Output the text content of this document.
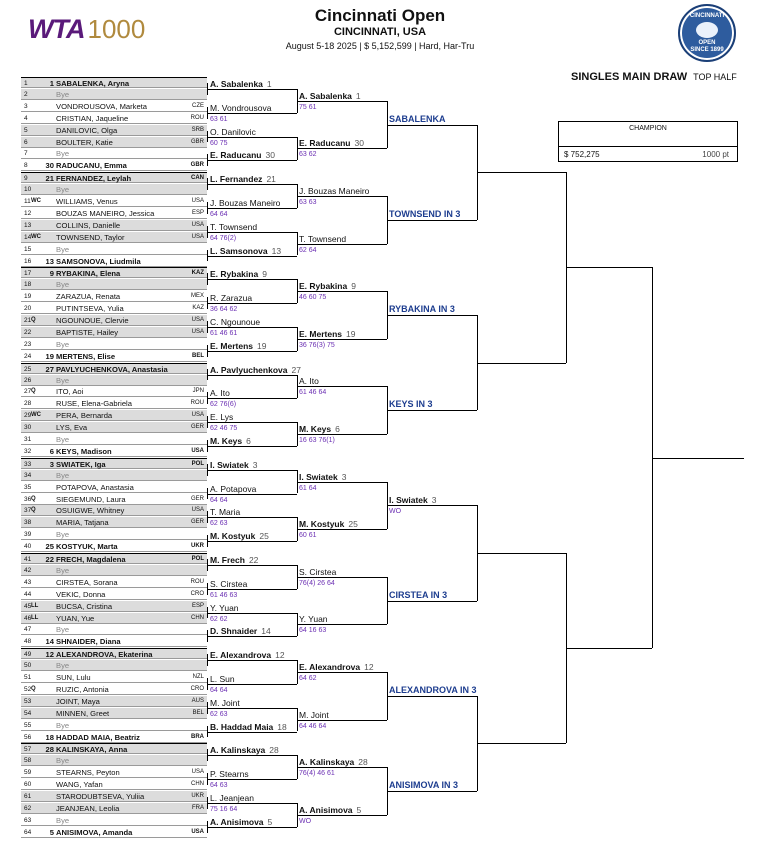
WTA 1000	Cincinnati Open
CINCINNATI, USA
August 5-18 2025 | $ 5,152,599 | Hard, Har-Tru
CINCINNATI
OPEN
SINCE 1899
SINGLES MAIN DRAW TOP HALF
CHAMPION
$ 752,275	1000 pt
1	1 SABALENKA, Aryna
2	Bye
3	VONDROUSOVA, Marketa	CZE
4	CRISTIAN, Jaqueline	ROU
5	DANILOVIC, Olga	SRB
6	BOULTER, Katie	GBR
7	Bye
8	30 RADUCANU, Emma	GBR
9	21 FERNANDEZ, Leylah	CAN
10	Bye
11 WC WILLIAMS, Venus	USA
12	BOUZAS MANEIRO, Jessica	ESP
13	COLLINS, Danielle	USA
14 WC TOWNSEND, Taylor	USA
15	Bye
16	13 SAMSONOVA, Liudmila
17	9 RYBAKINA, Elena	KAZ
18	Bye
19	ZARAZUA, Renata	MEX
20	PUTINTSEVA, Yulia	KAZ
21 Q	NGOUNOUE, Clervie	USA
22	BAPTISTE, Hailey	USA
23	Bye
24	19 MERTENS, Elise	BEL
25	27 PAVLYUCHENKOVA, Anastasia
26	Bye
27 Q	ITO, Aoi	JPN
28	RUSE, Elena-Gabriela	ROU
29 WC PERA, Bernarda	USA
30	LYS, Eva	GER
31	Bye
32	6 KEYS, Madison	USA
33	3 SWIATEK, Iga	POL
34	Bye
35	POTAPOVA, Anastasia
36 Q	SIEGEMUND, Laura	GER
37 Q	OSUIGWE, Whitney	USA
38	MARIA, Tatjana	GER
39	Bye
40	25 KOSTYUK, Marta	UKR
41	22 FRECH, Magdalena	POL
42	Bye
43	CIRSTEA, Sorana	ROU
44	VEKIC, Donna	CRO
45 LL BUCSA, Cristina	ESP
46 LL YUAN, Yue	CHN
47	Bye
48	14 SHNAIDER, Diana
49	12 ALEXANDROVA, Ekaterina
50	Bye
51	SUN, Lulu	NZL
52 Q	RUZIC, Antonia	CRO
53	JOINT, Maya	AUS
54	MINNEN, Greet	BEL
55	Bye
56	18 HADDAD MAIA, Beatriz	BRA
57	28 KALINSKAYA, Anna
58	Bye
59	STEARNS, Peyton	USA
60	WANG, Yafan	CHN
61	STARODUBTSEVA, Yuliia	UKR
62	JEANJEAN, Leolia	FRA
63	Bye
64	5 ANISIMOVA, Amanda	USA
A. Sabalenka 1
M. Vondrousova
63 61
O. Danilovic
60 75
E. Raducanu 30
L. Fernandez 21
J. Bouzas Maneiro
64 64
T. Townsend
64 76(2)
L. Samsonova 13
E. Rybakina 9
R. Zarazua
36 64 62
C. Ngounoue
61 46 61
E. Mertens 19
A. Pavlyuchenkova 27
A. Ito
62 76(6)
E. Lys
62 46 75
M. Keys 6
I. Swiatek 3
A. Potapova
64 64
T. Maria
62 63
M. Kostyuk 25
M. Frech 22
S. Cirstea
61 46 63
Y. Yuan
62 62
D. Shnaider 14
E. Alexandrova 12
L. Sun
64 64
M. Joint
62 63
B. Haddad Maia 18
A. Kalinskaya 28
P. Stearns
64 63
L. Jeanjean
75 16 64
A. Anisimova 5
A. Sabalenka 1
75 61
E. Raducanu 30
63 62
J. Bouzas Maneiro
63 63
T. Townsend
62 64
E. Rybakina 9
46 60 75
E. Mertens 19
36 76(3) 75
A. Ito
61 46 64
M. Keys 6
16 63 76(1)
I. Swiatek 3
61 64
M. Kostyuk 25
60 61
S. Cirstea
76(4) 26 64
Y. Yuan
64 16 63
E. Alexandrova 12
64 62
M. Joint
64 46 64
A. Kalinskaya 28
76(4) 46 61
A. Anisimova 5
WO
SABALENKA
TOWNSEND IN 3
RYBAKINA IN 3
KEYS IN 3
I. Swiatek 3
WO
CIRSTEA IN 3
ALEXANDROVA IN 3
ANISIMOVA IN 3
